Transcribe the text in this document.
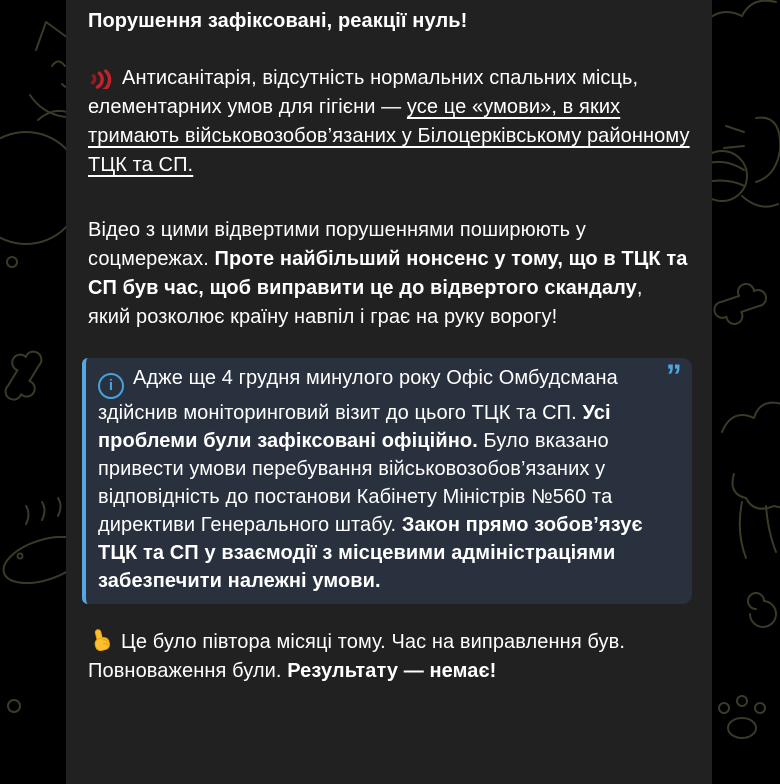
Порушення зафіксовані, реакції нуль!

Антисанітарія, відсутність нормальних спальних місць, елементарних умов для гігієни — усе це «умови», в яких тримають військовозобов’язаних у Білоцерківському районному ТЦК та СП.

Відео з цими відвертими порушеннями поширюють у соцмережах. Проте найбільший нонсенс у тому, що в ТЦК та СП був час, щоб виправити це до відвертого скандалу, який розколює країну навпіл і грає на руку ворогу!

”
i Адже ще 4 грудня минулого року Офіс Омбудсмана здійснив моніторинговий візит до цього ТЦК та СП. Усі проблеми були зафіксовані офіційно. Було вказано привести умови перебування військовозобов’язаних у відповідність до постанови Кабінету Міністрів №560 та директиви Генерального штабу. Закон прямо зобов’язує ТЦК та СП у взаємодії з місцевими адміністраціями забезпечити належні умови.

Це було півтора місяці тому. Час на виправлення був. Повноваження були. Результату — немає!
